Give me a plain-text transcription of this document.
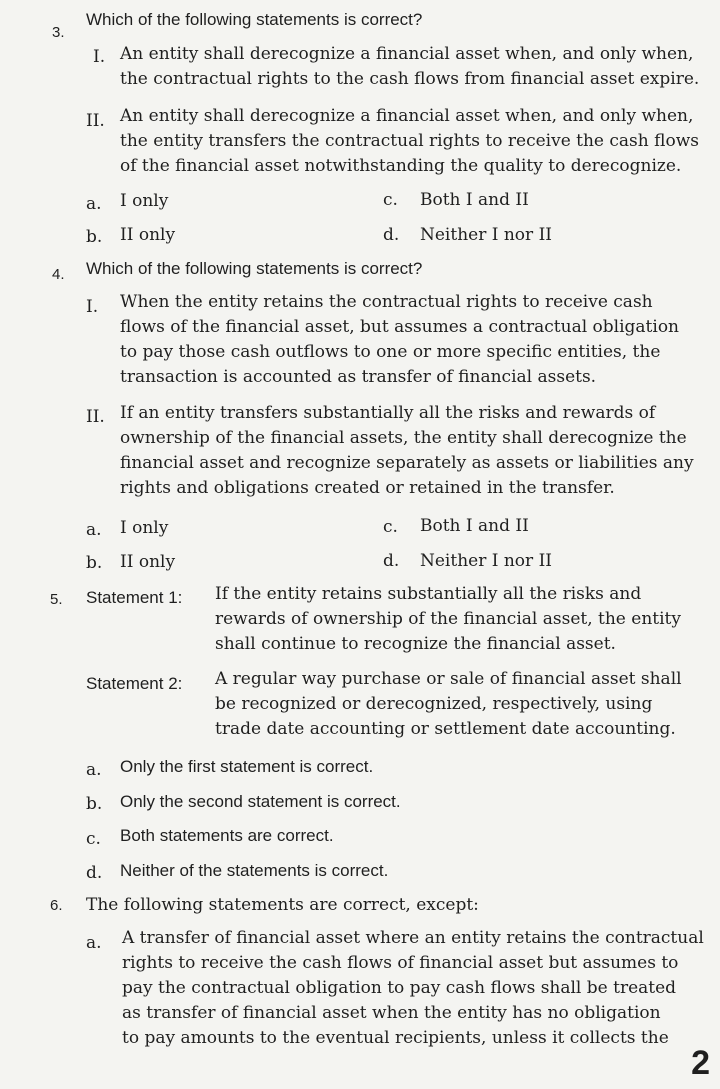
3.
Which of the following statements is correct?
I. An entity shall derecognize a financial asset when, and only when,
the contractual rights to the cash flows from financial asset expire.
II. An entity shall derecognize a financial asset when, and only when,
the entity transfers the contractual rights to receive the cash flows
of the financial asset notwithstanding the quality to derecognize.
a. I only	c. Both I and II
b. II only	d. Neither I nor II
4. Which of the following statements is correct?
I. When the entity retains the contractual rights to receive cash
flows of the financial asset, but assumes a contractual obligation
to pay those cash outflows to one or more specific entities, the
transaction is accounted as transfer of financial assets.
II. If an entity transfers substantially all the risks and rewards of
ownership of the financial assets, the entity shall derecognize the
financial asset and recognize separately as assets or liabilities any
rights and obligations created or retained in the transfer.
a. I only	c. Both I and II
b. II only	d. Neither I nor II
5. Statement 1: If the entity retains substantially all the risks and
rewards of ownership of the financial asset, the entity
shall continue to recognize the financial asset.
Statement 2: A regular way purchase or sale of financial asset shall
be recognized or derecognized, respectively, using
trade date accounting or settlement date accounting.
a. Only the first statement is correct.
b. Only the second statement is correct.
c. Both statements are correct.
d. Neither of the statements is correct.
6. The following statements are correct, except:
a. A transfer of financial asset where an entity retains the contractual
rights to receive the cash flows of financial asset but assumes to
pay the contractual obligation to pay cash flows shall be treated
as transfer of financial asset when the entity has no obligation
to pay amounts to the eventual recipients, unless it collects the
2
